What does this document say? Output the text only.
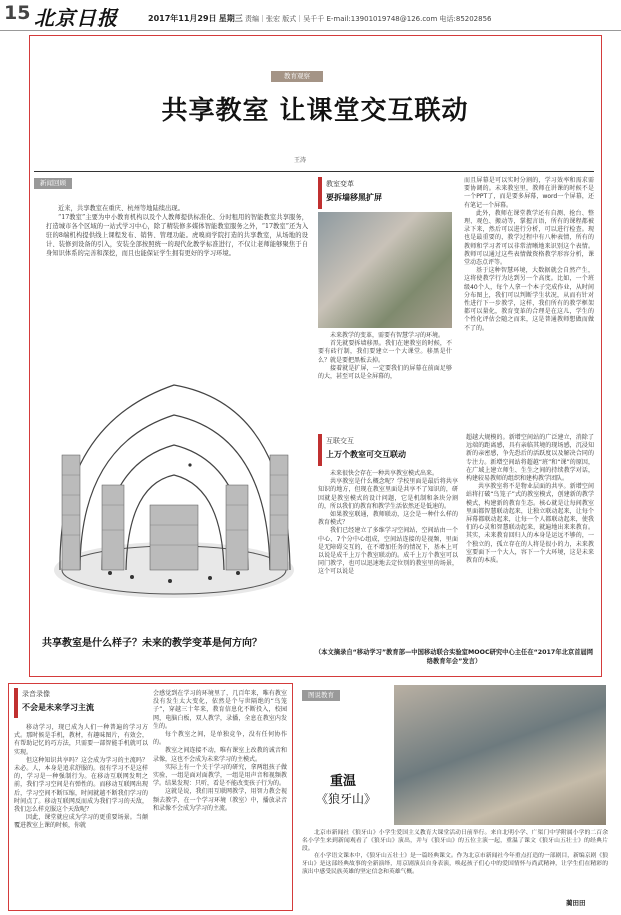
15 北京日报	2017年11月29日 星期三 责编｜张宏 版式｜吴千千 E-mail:13901019748@126.com 电话:85202856
教育观察
共享教室 让课堂交互联动
王涛
新闻回顾

近来，共享教室在重庆、杭州等地陆续出现。

“17教室”主要为中小教育机构以及个人教师提供标准化、分时租用的智能教室共享服务，打造城市各个区域的一站式学习中心，除了精装修多媒体智能教室服务之外，“17教室”还为入驻的8端机构提供线上课程发布、销售、管理功能。虎嗅商学院打造的共享教室，从场地的设计、装修到设备的引入，安装全部按照统一的现代化教学标准进行，不仅让老师能够聚焦于自身知识体系的完善和深挖，而且也能保证学生拥有更好的学习环境。

共享教室是什么样子？未来的教学变革是何方向？
教室变革
要拆墙移黑扩屏

未来教学的变革，需要有智慧学习的环境。

首先就要拆墙移黑。我们在建教室的时候，不要有砖行制，我们要建立一个大课堂。移黑是什么？就是要把黑板去掉。

接着就是扩屏，一定要我们的屏幕在前面足够的大，甚至可以是全屏幕的，

而且屏幕是可以实时分割的，学习效率和需求需要协调的。未来教室里，教师在讲课的时候不是一个PPT了，而是要多屏幕，word一个屏幕，还有笔记一个屏幕。

此外，教师在课堂教学还有自测、抢台、整理、观色、搬动等，掌握言语，所有的课程都被录下来，然后可以进行分析，可以进行检查。现也是最重要的，教学过程中有八种表情，所有的教师和学习者可以非常清晰地来识别这个表情。教师可以通过这些表情做资格教学形容分析，课堂动态点评等。

基于这种智慧环境，大数据就会自然产生，这将使教学行为达到另一个高度。比如，一个班级40个人，每个人拿一个本子完成作业，从时间分布图上，我们可以判断学生状况，从而有针对性进行下一步教学，这样，我们所有的教学框架都可以量化，教育变革的合理是在这儿，学生的个性化评估会随之而来，这是普通教师想做而做不了的。

互联交互
上万个教室可交互联动

未来很快会存在一种共享教室模式出来。

共享教室是什么概念呢？学校里面是最后将共享知识的地方，但现在教室里面是共享不了知识的，研因就是教室模式的设计问题，它是机制和条块分割的，所以我们的教育和教学生活依然还是低速的。

如果教室联通，教师联动，这会是一种什么样的教育模式？

我们已经建立了多维学习空间站，空间站由一个中心、7个分中心组成，空间站连接的是视频，里面是无障碍交互的，在不增加任务的情况下，基本上可以说是成千上万个教室联动的。成千上万个教室可以同门教学，也可以迅速地去定位别的教室里的场景，这个可以说是

超越大规模的。新增空间站的广泛建立，消除了远端的距离感，具有亲临其境的现场感，沉浸知新的亲密感，争先恐后的活跃度以及解决合同的专注力。新增空间站将超越“班”和“课”的原因，在广域上建立师生、生生之间的持续教学对话，构建较易教师的组织和建构教学团队。

共享教室将不是物业层面的共享。新增空间站将打破“鸟笼子”式的教室模式，创建新的教学模式，构建新的教育生态。核心就是让每间教室里面都智慧联动起来，让独立联动起来，让每个屏幕都联动起来，让每一个人都联动起来，使我们的心灵和智慧联动起来，就遍地出来来教育。其实，未来教育回归人的本身是运远不够的，一个独立的，孤立存在的人将是很小的力，未来教室要面下一个大人，容下一个大环境，这是未来教育的本质。

（本文摘录自“移动学习”教育部—中国移动联合实验室MOOC研究中心主任在“2017年北京首届网络教育年会”发言）
录音录像
不会是未来学习主流

移动学习，现已成为人们一种普遍的学习方式。那时候是手机，教材，有趣味图片，有效会，有帮助记忆的巧方法，只需要一部智能手机就可以实现。

但这种知识共享吗？这会成为学习的主流吗？未必。人，本身是追求舒服的。很有学习不是这样的，学习是一种强制行为。在移动互联网发明之前，我们学习空间是有弹性的。而移动互联网出现后，学习空间不断压缩，时间就越不断我们学习的时间点了。移动互联网反而成为我们学习的天敌，我们怎么样克服这个天敌呢？

因此，课堂就应成为学习的更重要场景。当颠覆进教室上课的时候，你就

会感觉到在学习的环境里了，几百年来，唯有教室没有发生太大变化，依然是个与世隔绝的“鸟笼子”，穿越三十年来，教育信息化不断投入，校园网，电脑白板，双人教学，录播，全息在教室内发生的。

每个教室之间，是单独竞争，没有任何协作的。

教室之间连接不动，唯有课室上改教的诚音和录像，这也不会成为未来学习的主模式。

实际上有一个关于学习的研究，拿两组孩子做实验，一组是面对面教学，一组是用声音和视频教学。结果发现：只听，看是不能改变孩子行为的。

这就是说，我们用互联网教学，用智力教会视频去教学，在一个学习环境（教室）中，播放录音和录像不会成为学习的主流。

图说教育
重温
《狼牙山》

北京市新闻社《狼牙山》小学生爱国主义教育大课堂活动日前举行。来自北明小学、广渠门中学附属小学的二百余名小学生来到新闻观看了《狼牙山》演出，并与《狼牙山》的五位主演一起，重温了课文《狼牙山五壮士》的经典片段。

在小学语文课本中，《狼牙山五壮士》是一篇经典课文。作为北京市新闻社今年重点打造的一部剧目，新编京剧《狼牙山》是这部经典故事的全新演绎，用京剧演员自身表演，唤起孩子们心中的爱国情怀与尚武精神，让学生们在精彩的演出中感受民族英雄的坚定信念和英雄气概。

蔺田田
